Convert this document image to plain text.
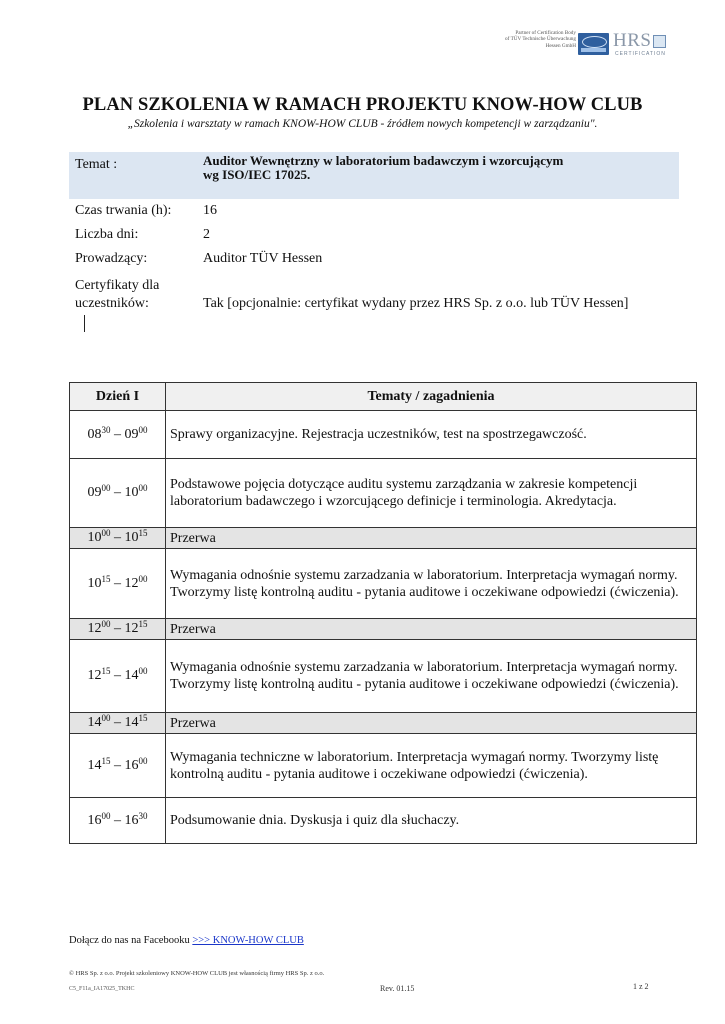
Partner of Certification Body
of TÜV Technische Überwachung
Hessen GmbH HRS
CERTIFICATION
PLAN SZKOLENIA W RAMACH PROJEKTU KNOW-HOW CLUB
„Szkolenia i warsztaty w ramach KNOW-HOW CLUB - źródłem nowych kompetencji w zarządzaniu".
Temat :	Auditor Wewnętrzny w laboratorium badawczym i wzorcującym
wg ISO/IEC 17025.
Czas trwania (h): 16
Liczba dni:	2
Prowadzący:	Auditor TÜV Hessen
Certyfikaty dla
uczestników:	Tak [opcjonalnie: certyfikat wydany przez HRS Sp. z o.o. lub TÜV Hessen]
Dzień I	Tematy / zagadnienia
$08^{30} - 09^{00}$	Sprawy organizacyjne. Rejestracja uczestników, test na spostrzegawczość.
$09^{00} - 10^{00}$	Podstawowe pojęcia dotyczące auditu systemu zarządzania w zakresie kompetencji laboratorium badawczego i wzorcującego definicje i terminologia. Akredytacja.
$10^{00} - 10^{15}$	Przerwa
$10^{15} - 12^{00}$	Wymagania odnośnie systemu zarzadzania w laboratorium. Interpretacja wymagań normy. Tworzymy listę kontrolną auditu - pytania auditowe i oczekiwane odpowiedzi (ćwiczenia).
$12^{00} - 12^{15}$	Przerwa
$12^{15} - 14^{00}$	Wymagania odnośnie systemu zarzadzania w laboratorium. Interpretacja wymagań normy. Tworzymy listę kontrolną auditu - pytania auditowe i oczekiwane odpowiedzi (ćwiczenia).
$14^{00} - 14^{15}$	Przerwa
$14^{15} - 16^{00}$	Wymagania techniczne w laboratorium. Interpretacja wymagań normy. Tworzymy listę kontrolną auditu - pytania auditowe i oczekiwane odpowiedzi (ćwiczenia).
$16^{00} - 16^{30}$	Podsumowanie dnia. Dyskusja i quiz dla słuchaczy.
Dołącz do nas na Facebooku >>> KNOW-HOW CLUB
© HRS Sp. z o.o. Projekt szkoleniowy KNOW-HOW CLUB jest własnością firmy HRS Sp. z o.o.
C5_F11a_IA17025_TKHC	Rev. 01.15	1 z 2
